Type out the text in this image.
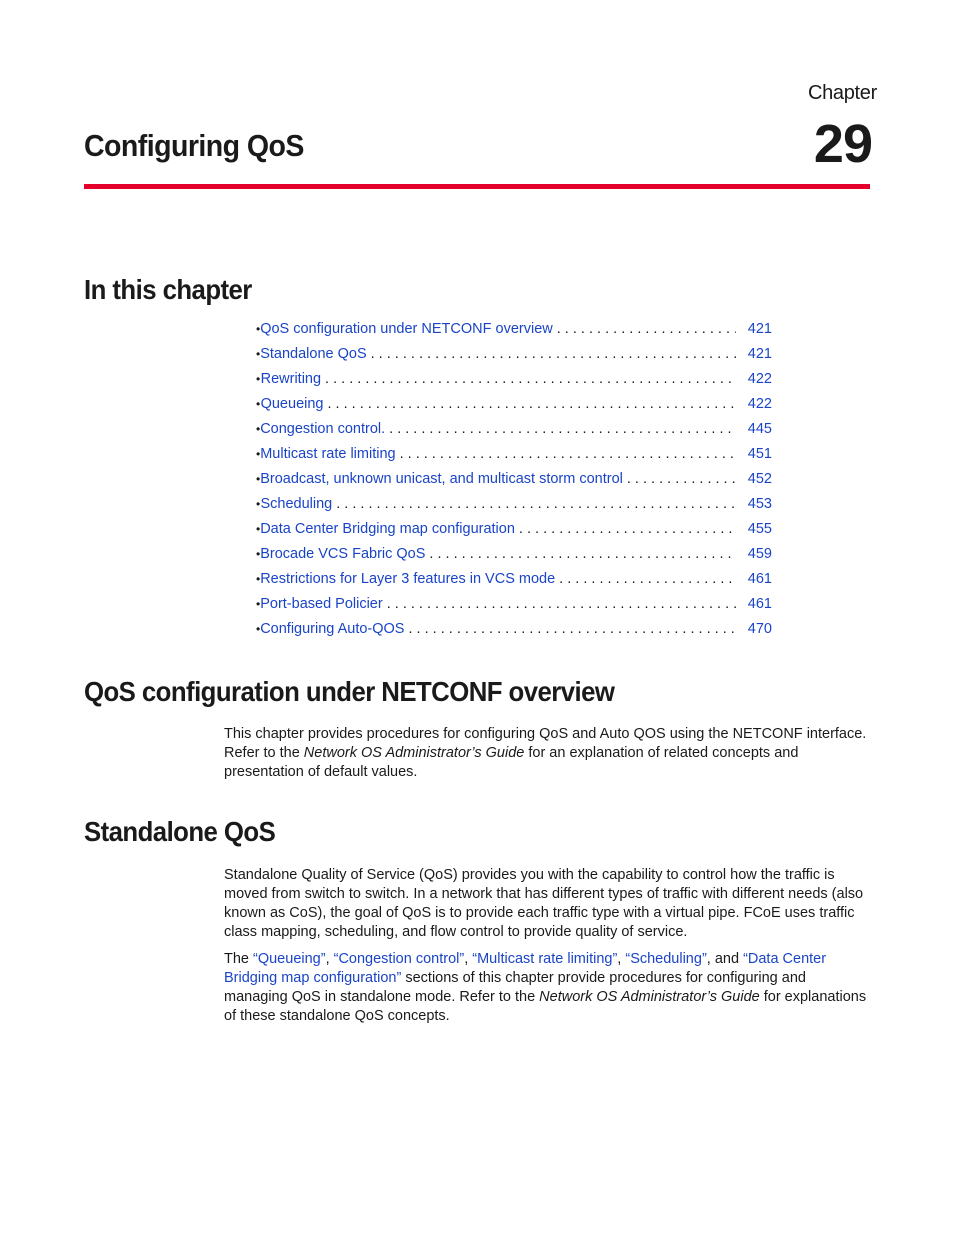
Chapter
29
Configuring QoS
In this chapter
• QoS configuration under NETCONF overview . . .	421
• Standalone QoS . . .	421
• Rewriting . . .	422
• Queueing . . .	422
• Congestion control. . . .	445
• Multicast rate limiting . . .	451
• Broadcast, unknown unicast, and multicast storm control . . .	452
• Scheduling . . .	453
• Data Center Bridging map configuration . . .	455
• Brocade VCS Fabric QoS . . .	459
• Restrictions for Layer 3 features in VCS mode . . .	461
• Port-based Policier . . .	461
• Configuring Auto-QOS . . .	470
QoS configuration under NETCONF overview

This chapter provides procedures for configuring QoS and Auto QOS using the NETCONF interface. Refer to the Network OS Administrator’s Guide for an explanation of related concepts and presentation of default values.

Standalone QoS

Standalone Quality of Service (QoS) provides you with the capability to control how the traffic is moved from switch to switch. In a network that has different types of traffic with different needs (also known as CoS), the goal of QoS is to provide each traffic type with a virtual pipe. FCoE uses traffic class mapping, scheduling, and flow control to provide quality of service.

The “Queueing”, “Congestion control”, “Multicast rate limiting”, “Scheduling”, and “Data Center Bridging map configuration” sections of this chapter provide procedures for configuring and managing QoS in standalone mode. Refer to the Network OS Administrator’s Guide for explanations of these standalone QoS concepts.
